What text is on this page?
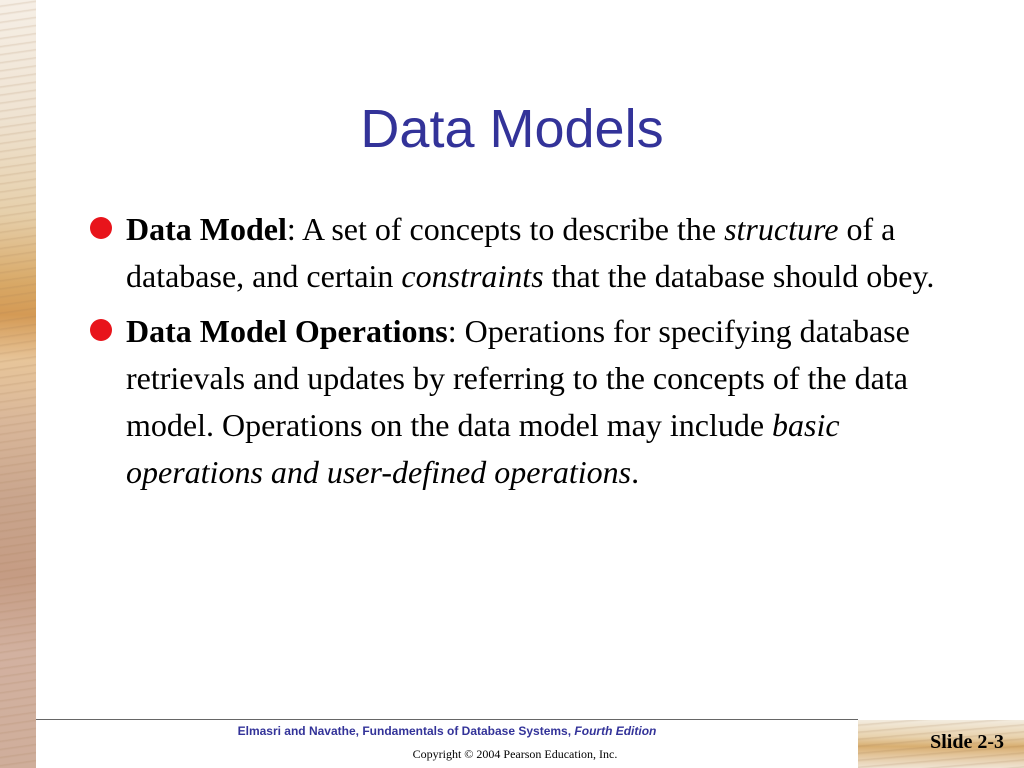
Data Models
Data Model: A set of concepts to describe the structure of a database, and certain constraints that the database should obey.
Data Model Operations: Operations for specifying database retrievals and updates by referring to the concepts of the data model. Operations on the data model may include basic operations and user-defined operations.
Elmasri and Navathe, Fundamentals of Database Systems, Fourth Edition
Copyright © 2004 Pearson Education, Inc.
Slide 2-3
